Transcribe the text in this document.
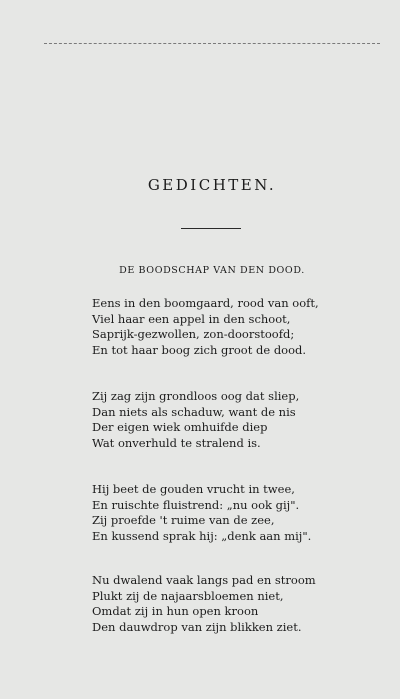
GEDICHTEN.
DE BOODSCHAP VAN DEN DOOD.
Eens in den boomgaard, rood van ooft,
Viel haar een appel in den schoot,
Saprijk-gezwollen, zon-doorstoofd;
En tot haar boog zich groot de dood.
Zij zag zijn grondloos oog dat sliep,
Dan niets als schaduw, want de nis
Der eigen wiek omhuifde diep
Wat onverhuld te stralend is.
Hij beet de gouden vrucht in twee,
En ruischte fluistrend: „nu ook gij".
Zij proefde 't ruime van de zee,
En kussend sprak hij: „denk aan mij".
Nu dwalend vaak langs pad en stroom
Plukt zij de najaarsbloemen niet,
Omdat zij in hun open kroon
Den dauwdrop van zijn blikken ziet.
